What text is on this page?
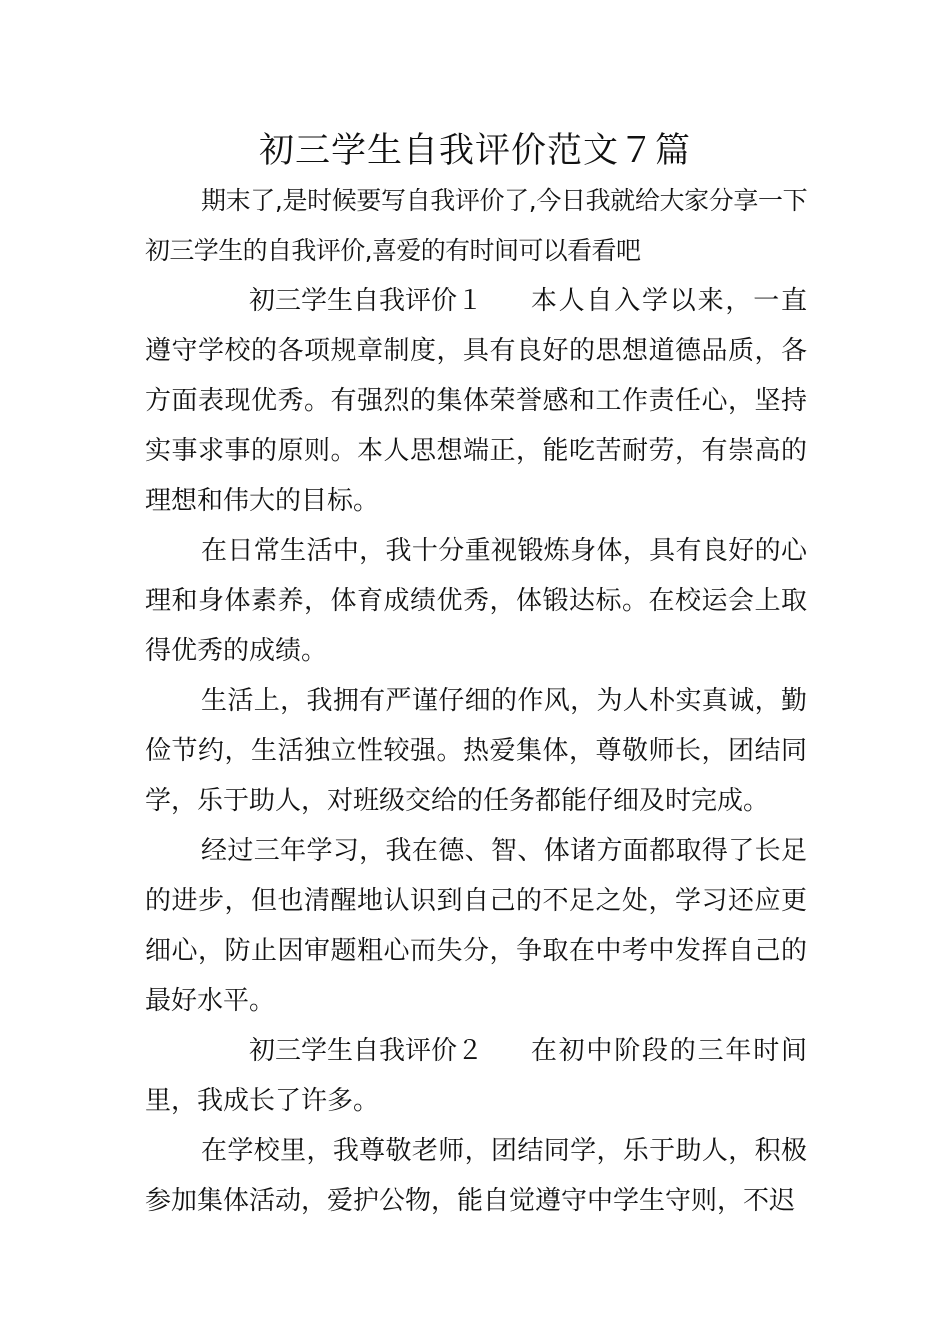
初三学生自我评价范文７篇

期末了,是时候要写自我评价了,今日我就给大家分享一下初三学生的自我评价,喜爱的有时间可以看看吧

初三学生自我评价１ 本人自入学以来，一直遵守学校的各项规章制度，具有良好的思想道德品质，各方面表现优秀。有强烈的集体荣誉感和工作责任心，坚持实事求事的原则。本人思想端正，能吃苦耐劳，有崇高的理想和伟大的目标。

在日常生活中，我十分重视锻炼身体，具有良好的心理和身体素养，体育成绩优秀，体锻达标。在校运会上取得优秀的成绩。

生活上，我拥有严谨仔细的作风，为人朴实真诚，勤俭节约，生活独立性较强。热爱集体，尊敬师长，团结同学，乐于助人，对班级交给的任务都能仔细及时完成。

经过三年学习，我在德、智、体诸方面都取得了长足的进步，但也清醒地认识到自己的不足之处，学习还应更细心，防止因审题粗心而失分，争取在中考中发挥自己的最好水平。

初三学生自我评价２ 在初中阶段的三年时间里，我成长了许多。

在学校里，我尊敬老师，团结同学，乐于助人，积极参加集体活动，爱护公物，能自觉遵守中学生守则，不迟
